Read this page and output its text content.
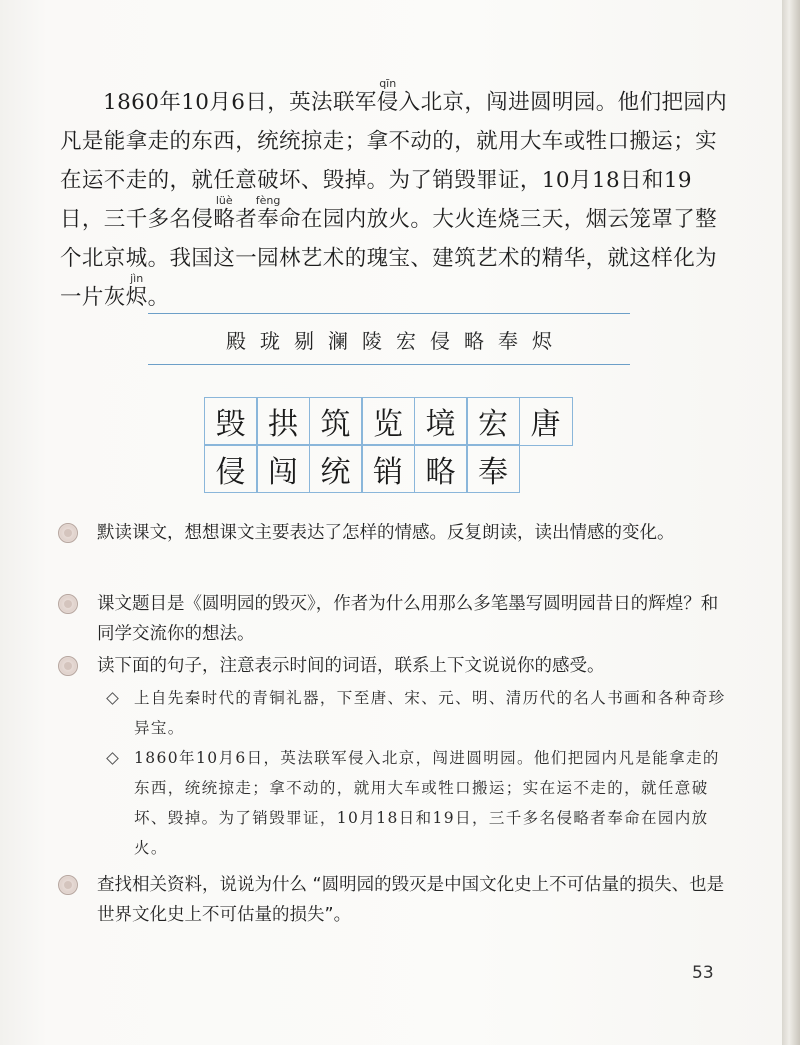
1860年10月6日，英法联军侵qīn入北京，闯进圆明园。他们把园内凡是能拿走的东西，统统掠走；拿不动的，就用大车或牲口搬运；实在运不走的，就任意破坏、毁掉。为了销毁罪证，10月18日和19日，三千多名侵略lüè者奉fèng命在园内放火。大火连烧三天，烟云笼罩了整个北京城。我国这一园林艺术的瑰宝、建筑艺术的精华，就这样化为一片灰烬jìn。

殿 珑 剔 澜 陵 宏 侵 略 奉 烬
毁 拱 筑 览 境 宏 唐
侵 闯 统 销 略 奉

默读课文，想想课文主要表达了怎样的情感。反复朗读，读出情感的变化。

课文题目是《圆明园的毁灭》，作者为什么用那么多笔墨写圆明园昔日的辉煌？和同学交流你的想法。

读下面的句子，注意表示时间的词语，联系上下文说说你的感受。

上自先秦时代的青铜礼器，下至唐、宋、元、明、清历代的名人书画和各种奇珍异宝。

1860年10月6日，英法联军侵入北京，闯进圆明园。他们把园内凡是能拿走的东西，统统掠走；拿不动的，就用大车或牲口搬运；实在运不走的，就任意破坏、毁掉。为了销毁罪证，10月18日和19日，三千多名侵略者奉命在园内放火。

查找相关资料，说说为什么 “圆明园的毁灭是中国文化史上不可估量的损失、也是世界文化史上不可估量的损失”。

53
